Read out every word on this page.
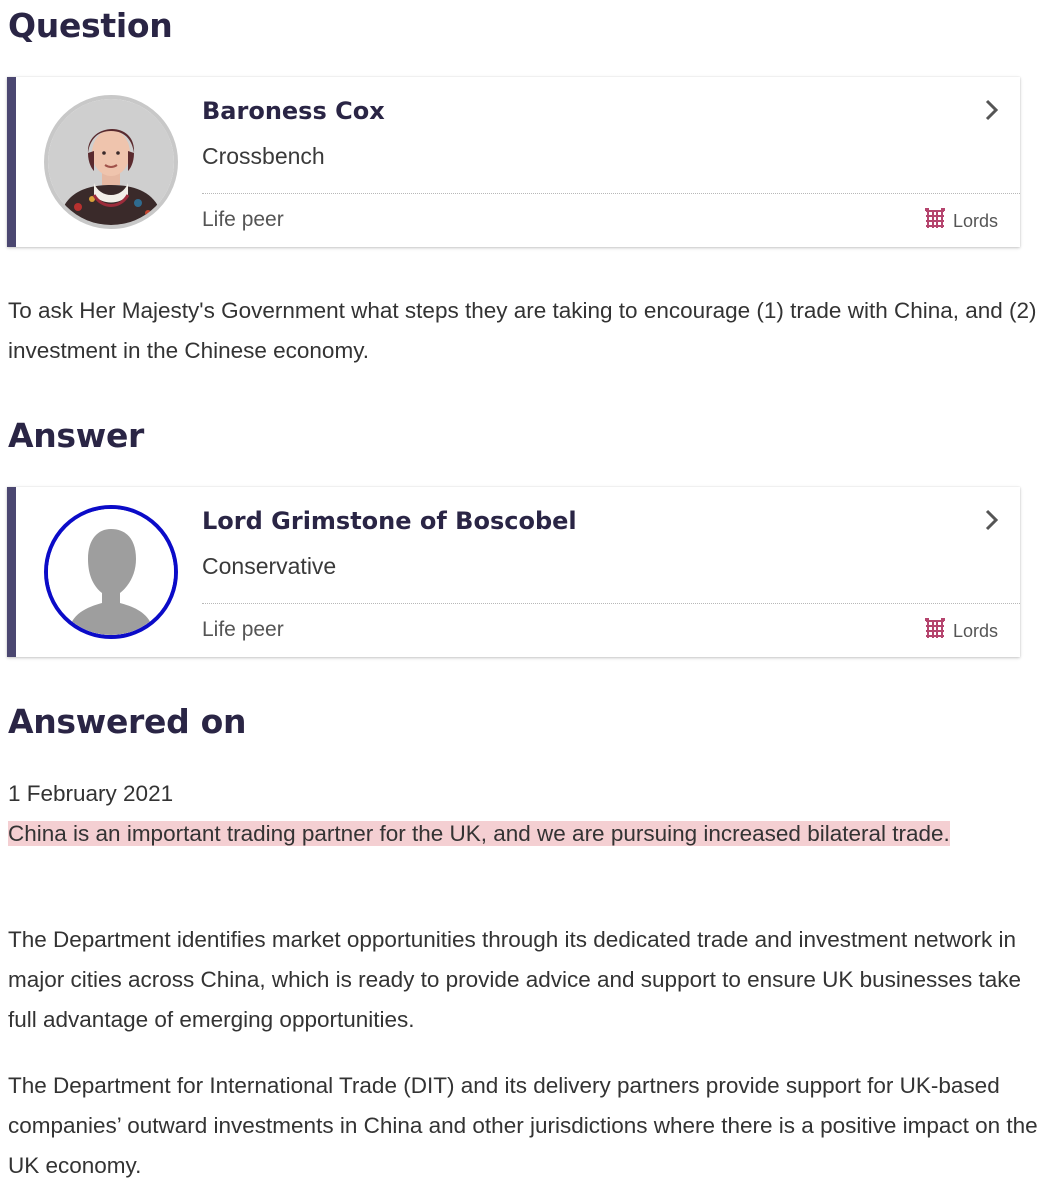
Question
Baroness Cox
Crossbench
Life peer	Lords

To ask Her Majesty's Government what steps they are taking to encourage (1) trade with China, and (2) investment in the Chinese economy.

Answer
Lord Grimstone of Boscobel
Conservative
Life peer	Lords
Answered on
1 February 2021

China is an important trading partner for the UK, and we are pursuing increased bilateral trade.

The Department identifies market opportunities through its dedicated trade and investment network in major cities across China, which is ready to provide advice and support to ensure UK businesses take full advantage of emerging opportunities.

The Department for International Trade (DIT) and its delivery partners provide support for UK-based companies’ outward investments in China and other jurisdictions where there is a positive impact on the UK economy.
